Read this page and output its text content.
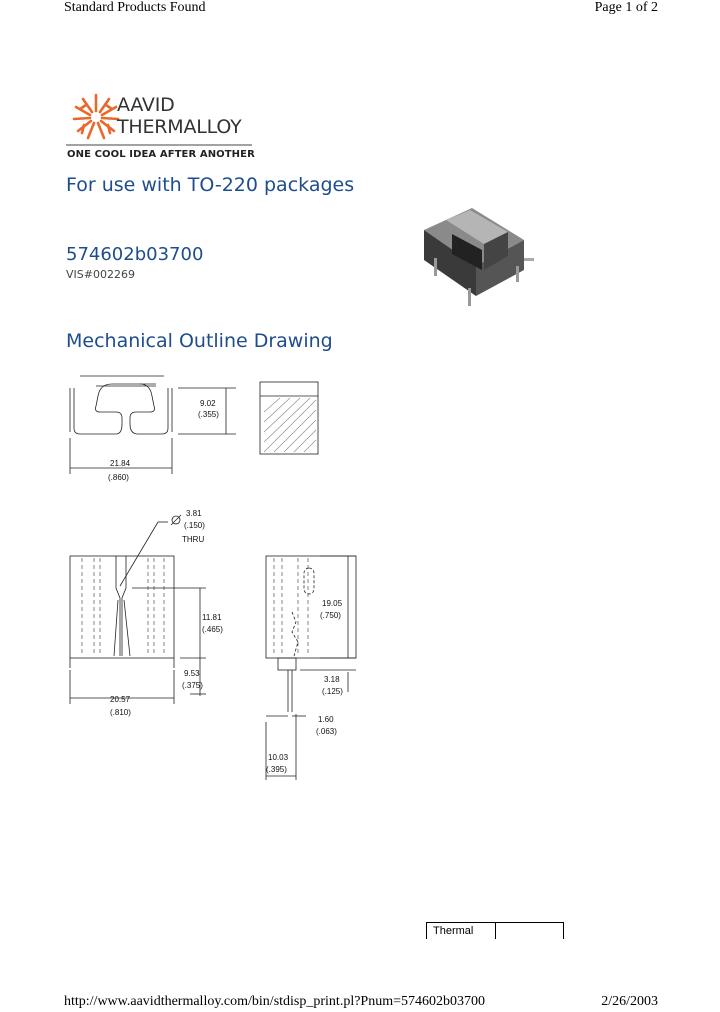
Standard Products Found	Page 1 of 2
AAVID
THERMALLOY
ONE COOL IDEA AFTER ANOTHER
For use with TO-220 packages
574602b03700
VIS#002269
Mechanical Outline Drawing
9.02
(.355)
21.84
(.860)
3.81
(.150)
THRU
11.81
(.465)
9.53
(.375)
20.57
(.810)
19.05
(.750)
3.18
(.125)
1.60
(.063)
10.03
(.395)
Thermal
http://www.aavidthermalloy.com/bin/stdisp_print.pl?Pnum=574602b03700	2/26/2003
